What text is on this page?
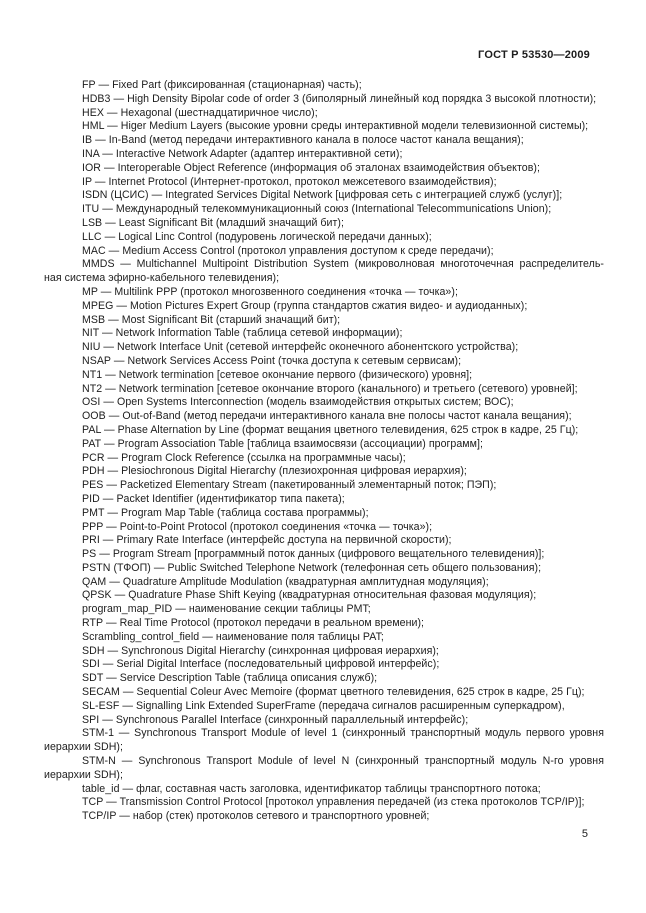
ГОСТ Р 53530—2009
FP — Fixed Part (фиксированная (стационарная) часть);
HDB3 — High Density Bipolar code of order 3 (биполярный линейный код порядка 3 высокой плотности);
HEX — Hexagonal (шестнадцатиричное число);
HML — Higer Medium Layers (высокие уровни среды интерактивной модели телевизионной системы);
IB — In-Band (метод передачи интерактивного канала в полосе частот канала вещания);
INA — Interactive Network Adapter (адаптер интерактивной сети);
IOR — Interoperable Object Reference (информация об эталонах взаимодействия объектов);
IP — Internet Protocol (Интернет-протокол, протокол межсетевого взаимодействия);
ISDN (ЦСИС) — Integrated Services Digital Network [цифровая сеть с интеграцией служб (услуг)];
ITU — Международный телекоммуникационный союз (International Telecommunications Union);
LSB — Least Significant Bit (младший значащий бит);
LLC — Logical Linc Control (подуровень логической передачи данных);
MAC — Medium Access Control (протокол управления доступом к среде передачи);
MMDS — Multichannel Multipoint Distribution System (микроволновая многоточечная распределитель-
ная система эфирно-кабельного телевидения);
MP — Multilink PPP (протокол многозвенного соединения «точка — точка»);
MPEG — Motion Pictures Expert Group (группа стандартов сжатия видео- и аудиоданных);
MSB — Most Significant Bit (старший значащий бит);
NIT — Network Information Table (таблица сетевой информации);
NIU — Network Interface Unit (сетевой интерфейс оконечного абонентского устройства);
NSAP — Network Services Access Point (точка доступа к сетевым сервисам);
NT1 — Network termination [сетевое окончание первого (физического) уровня];
NT2 — Network termination [сетевое окончание второго (канального) и третьего (сетевого) уровней];
OSI — Open Systems Interconnection (модель взаимодействия открытых систем; ВОС);
OOB — Out-of-Band (метод передачи интерактивного канала вне полосы частот канала вещания);
PAL — Phase Alternation by Line (формат вещания цветного телевидения, 625 строк в кадре, 25 Гц);
PAT — Program Association Table [таблица взаимосвязи (ассоциации) программ];
PCR — Program Clock Reference (ссылка на программные часы);
PDH — Plesiochronous Digital Hierarchy (плезиохронная цифровая иерархия);
PES — Packetized Elementary Stream (пакетированный элементарный поток; ПЭП);
PID — Packet Identifier (идентификатор типа пакета);
PMT — Program Map Table (таблица состава программы);
PPP — Point-to-Point Protocol (протокол соединения «точка — точка»);
PRI — Primary Rate Interface (интерфейс доступа на первичной скорости);
PS — Program Stream [программный поток данных (цифрового вещательного телевидения)];
PSTN (ТФОП) — Public Switched Telephone Network (телефонная сеть общего пользования);
QAM — Quadrature Amplitude Modulation (квадратурная амплитудная модуляция);
QPSK — Quadrature Phase Shift Keying (квадратурная относительная фазовая модуляция);
program_map_PID — наименование секции таблицы PMT;
RTP — Real Time Protocol (протокол передачи в реальном времени);
Scrambling_control_field — наименование поля таблицы PAT;
SDH — Synchronous Digital Hierarchy (синхронная цифровая иерархия);
SDI — Serial Digital Interface (последовательный цифровой интерфейс);
SDT — Service Description Table (таблица описания служб);
SECAM — Sequential Coleur Avec Memoire (формат цветного телевидения, 625 строк в кадре, 25 Гц);
SL-ESF — Signalling Link Extended SuperFrame (передача сигналов расширенным суперкадром),
SPI — Synchronous Parallel Interface (синхронный параллельный интерфейс);
STM-1 — Synchronous Transport Module of level 1 (синхронный транспортный модуль первого уровня
иерархии SDH);
STM-N — Synchronous Transport Module of level N (синхронный транспортный модуль N-го уровня
иерархии SDH);
table_id — флаг, составная часть заголовка, идентификатор таблицы транспортного потока;
TCP — Transmission Control Protocol [протокол управления передачей (из стека протоколов TCP/IP)];
TCP/IP — набор (стек) протоколов сетевого и транспортного уровней;
5
